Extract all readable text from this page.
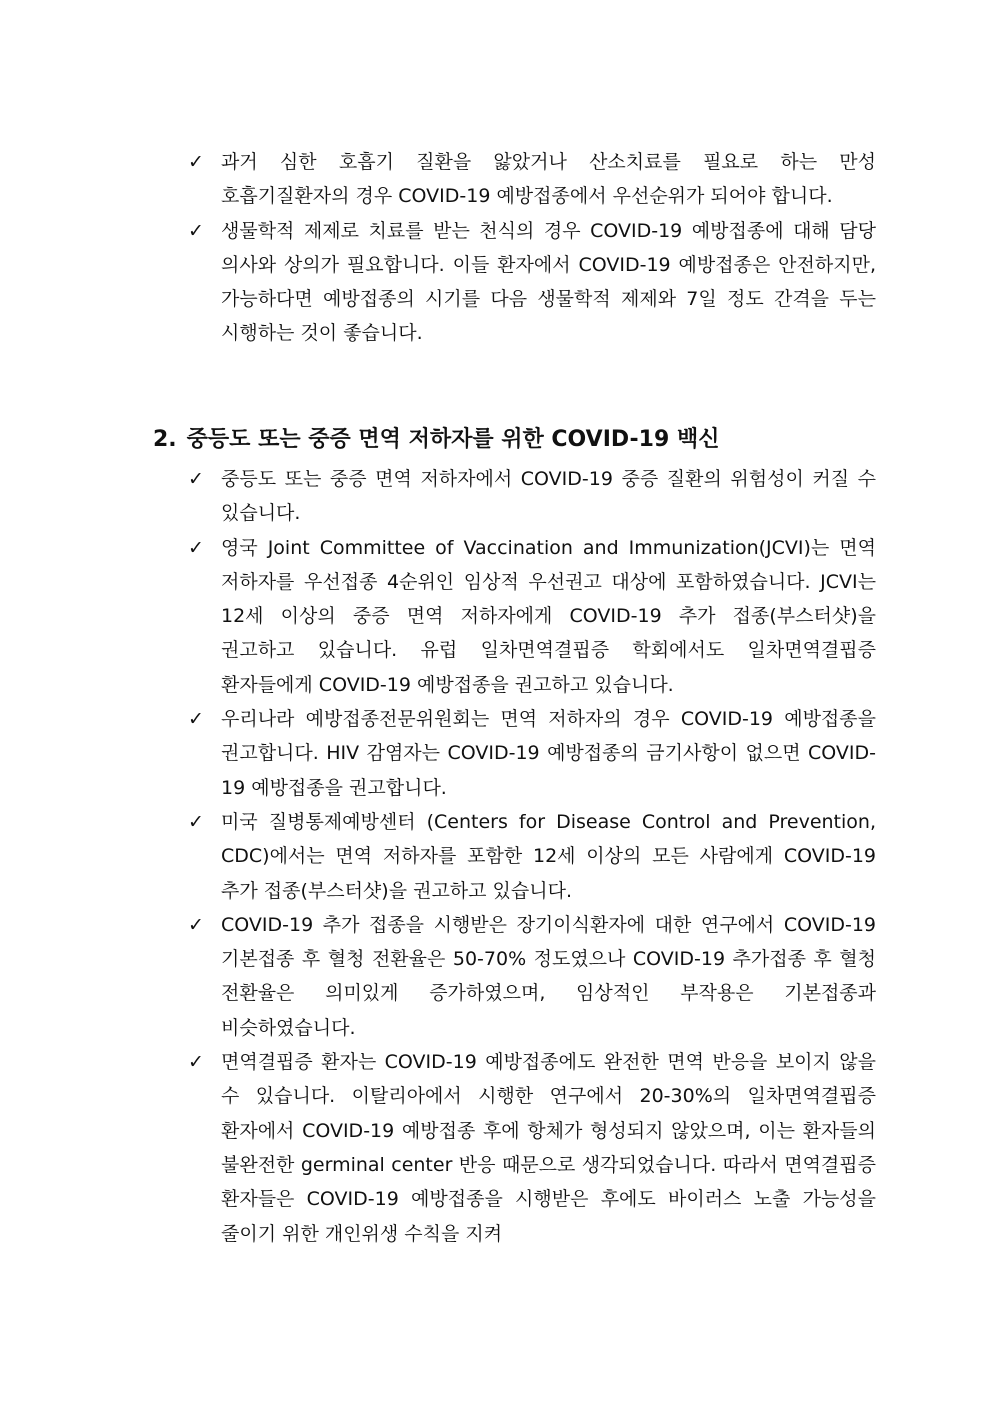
✓ 과거 심한 호흡기 질환을 앓았거나 산소치료를 필요로 하는 만성 호흡기질환자의 경우 COVID-19 예방접종에서 우선순위가 되어야 합니다.
✓ 생물학적 제제로 치료를 받는 천식의 경우 COVID-19 예방접종에 대해 담당 의사와 상의가 필요합니다. 이들 환자에서 COVID-19 예방접종은 안전하지만, 가능하다면 예방접종의 시기를 다음 생물학적 제제와 7일 정도 간격을 두는 시행하는 것이 좋습니다.
2. 중등도 또는 중증 면역 저하자를 위한 COVID-19 백신
✓ 중등도 또는 중증 면역 저하자에서 COVID-19 중증 질환의 위험성이 커질 수 있습니다.
✓ 영국 Joint Committee of Vaccination and Immunization(JCVI)는 면역 저하자를 우선접종 4순위인 임상적 우선권고 대상에 포함하였습니다. JCVI는 12세 이상의 중증 면역 저하자에게 COVID-19 추가 접종(부스터샷)을 권고하고 있습니다. 유럽 일차면역결핍증 학회에서도 일차면역결핍증 환자들에게 COVID-19 예방접종을 권고하고 있습니다.
✓ 우리나라 예방접종전문위원회는 면역 저하자의 경우 COVID-19 예방접종을 권고합니다. HIV 감염자는 COVID-19 예방접종의 금기사항이 없으면 COVID-19 예방접종을 권고합니다.
✓ 미국 질병통제예방센터 (Centers for Disease Control and Prevention, CDC)에서는 면역 저하자를 포함한 12세 이상의 모든 사람에게 COVID-19 추가 접종(부스터샷)을 권고하고 있습니다.
✓ COVID-19 추가 접종을 시행받은 장기이식환자에 대한 연구에서 COVID-19 기본접종 후 혈청 전환율은 50-70% 정도였으나 COVID-19 추가접종 후 혈청 전환율은 의미있게 증가하였으며, 임상적인 부작용은 기본접종과 비슷하였습니다.
✓ 면역결핍증 환자는 COVID-19 예방접종에도 완전한 면역 반응을 보이지 않을 수 있습니다. 이탈리아에서 시행한 연구에서 20-30%의 일차면역결핍증 환자에서 COVID-19 예방접종 후에 항체가 형성되지 않았으며, 이는 환자들의 불완전한 germinal center 반응 때문으로 생각되었습니다. 따라서 면역결핍증 환자들은 COVID-19 예방접종을 시행받은 후에도 바이러스 노출 가능성을 줄이기 위한 개인위생 수칙을 지켜
